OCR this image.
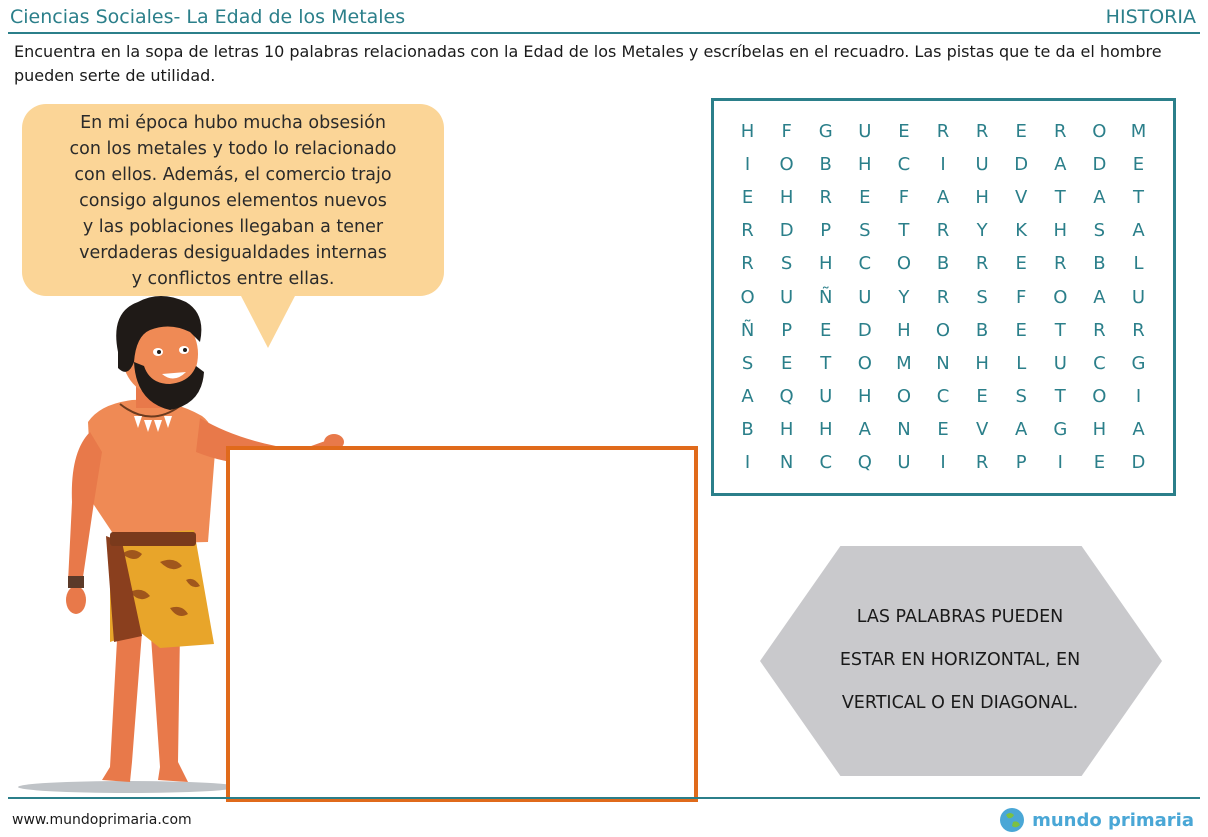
Ciencias Sociales- La Edad de los Metales	HISTORIA
Encuentra en la sopa de letras 10 palabras relacionadas con la Edad de los Metales y escríbelas en el recuadro. Las pistas que te da el hombre pueden serte de utilidad.
En mi época hubo mucha obsesión
con los metales y todo lo relacionado
con ellos. Además, el comercio trajo
consigo algunos elementos nuevos
y las poblaciones llegaban a tener
verdaderas desigualdades internas
y conflictos entre ellas.
H	F	G	U	E	R	R	E	R	O	M
I	O	B	H	C	I	U	D	A	D	E
E	H	R	E	F	A	H	V	T	A	T
R	D	P	S	T	R	Y	K	H	S	A
R	S	H	C	O	B	R	E	R	B	L
O	U	Ñ	U	Y	R	S	F	O	A	U
Ñ	P	E	D	H	O	B	E	T	R	R
S	E	T	O	M	N	H	L	U	C	G
A	Q	U	H	O	C	E	S	T	O	I
B	H	H	A	N	E	V	A	G	H	A
I	N	C	Q	U	I	R	P	I	E	D
LAS PALABRAS PUEDEN
ESTAR EN HORIZONTAL, EN
VERTICAL O EN DIAGONAL.
www.mundoprimaria.com	mundo primaria
